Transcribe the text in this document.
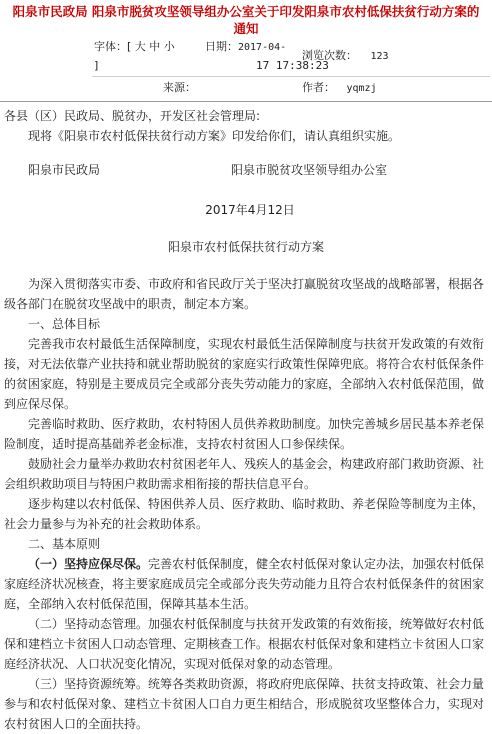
阳泉市民政局 阳泉市脱贫攻坚领导组办公室关于印发阳泉市农村低保扶贫行动方案的
通知
字体：[ 大 中 小
]
日期：2017-04-
17 17:38:23
浏览次数： 123
来源：	作者： yqmzj

各县（区）民政局、脱贫办，开发区社会管理局:

现将《阳泉市农村低保扶贫行动方案》印发给你们，请认真组织实施。

阳泉市民政局	阳泉市脱贫攻坚领导组办公室

2017年4月12日

阳泉市农村低保扶贫行动方案

为深入贯彻落实市委、市政府和省民政厅关于坚决打赢脱贫攻坚战的战略部署，根据各级各部门在脱贫攻坚战中的职责，制定本方案。

一、总体目标

完善我市农村最低生活保障制度，实现农村最低生活保障制度与扶贫开发政策的有效衔接，对无法依靠产业扶持和就业帮助脱贫的家庭实行政策性保障兜底。将符合农村低保条件的贫困家庭，特别是主要成员完全或部分丧失劳动能力的家庭，全部纳入农村低保范围，做到应保尽保。

完善临时救助、医疗救助，农村特困人员供养救助制度。加快完善城乡居民基本养老保险制度，适时提高基础养老金标准，支持农村贫困人口参保续保。

鼓励社会力量举办救助农村贫困老年人、残疾人的基金会，构建政府部门救助资源、社会组织救助项目与特困户救助需求相衔接的帮扶信息平台。

逐步构建以农村低保、特困供养人员、医疗救助、临时救助、养老保险等制度为主体，社会力量参与为补充的社会救助体系。

二、基本原则

（一）坚持应保尽保。完善农村低保制度，健全农村低保对象认定办法，加强农村低保家庭经济状况核查，将主要家庭成员完全或部分丧失劳动能力且符合农村低保条件的贫困家庭，全部纳入农村低保范围，保障其基本生活。

（二）坚持动态管理。加强农村低保制度与扶贫开发政策的有效衔接，统筹做好农村低保和建档立卡贫困人口动态管理、定期核查工作。根据农村低保对象和建档立卡贫困人口家庭经济状况、人口状况变化情况，实现对低保对象的动态管理。

（三）坚持资源统筹。统筹各类救助资源，将政府兜底保障、扶贫支持政策、社会力量参与和农村低保对象、建档立卡贫困人口自力更生相结合，形成脱贫攻坚整体合力，实现对农村贫困人口的全面扶持。
